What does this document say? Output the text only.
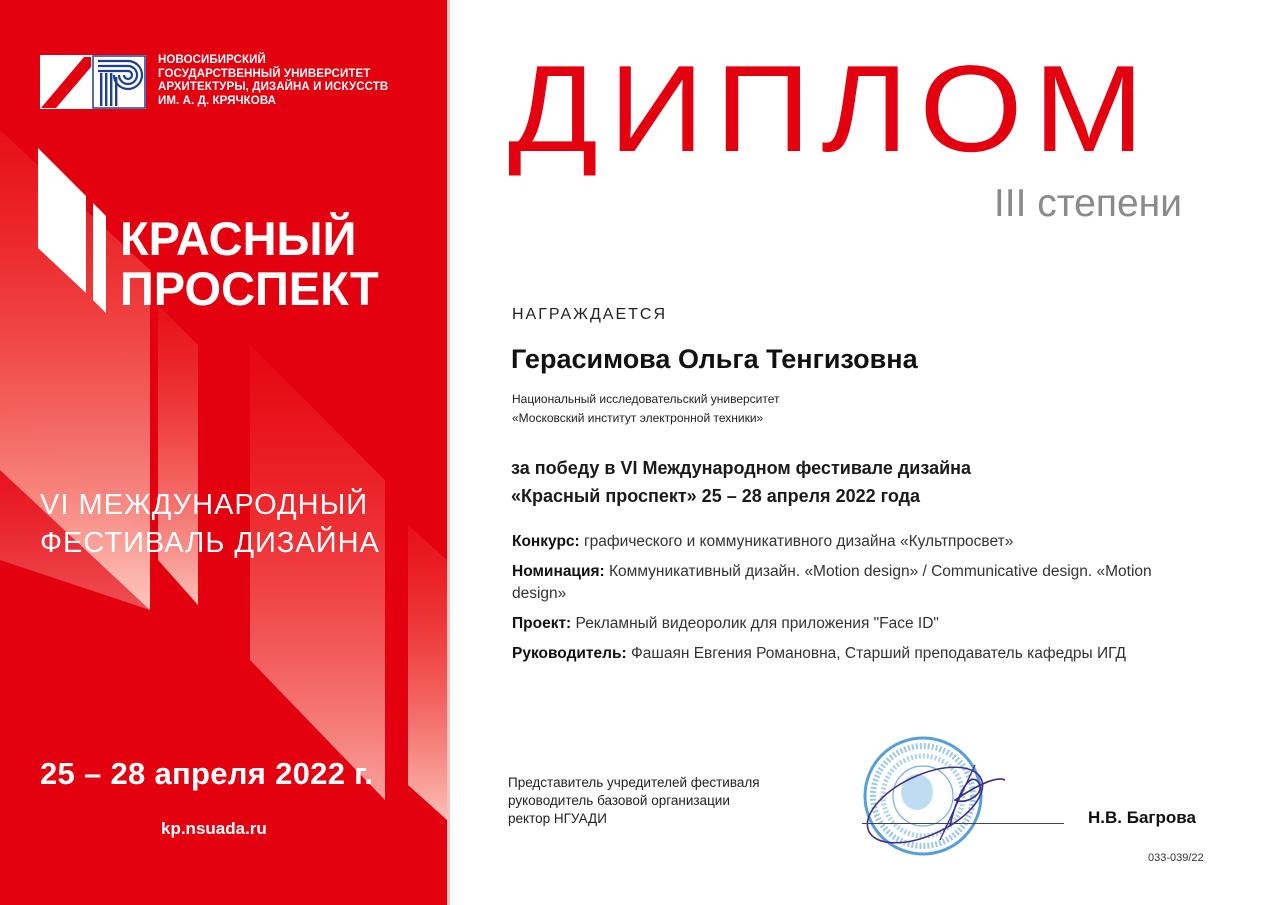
НОВОСИБИРСКИЙ
ГОСУДАРСТВЕННЫЙ УНИВЕРСИТЕТ
АРХИТЕКТУРЫ, ДИЗАЙНА И ИСКУССТВ
ИМ. А. Д. КРЯЧКОВА
КРАСНЫЙ
ПРОСПЕКТ
VI МЕЖДУНАРОДНЫЙ
ФЕСТИВАЛЬ ДИЗАЙНА
25 – 28 апреля 2022 г.
kp.nsuada.ru
ДИПЛОМ
III степени
НАГРАЖДАЕТСЯ
Герасимова Ольга Тенгизовна
Национальный исследовательский университет
«Московский институт электронной техники»
за победу в VI Международном фестивале дизайна
«Красный проспект» 25 – 28 апреля 2022 года
Конкурс: графического и коммуникативного дизайна «Культпросвет»
Номинация: Коммуникативный дизайн. «Motion design» / Communicative design. «Motion design»
Проект: Рекламный видеоролик для приложения "Face ID"
Руководитель: Фашаян Евгения Романовна, Старший преподаватель кафедры ИГД
Представитель учредителей фестиваля
руководитель базовой организации
ректор НГУАДИ	Н.В. Багрова
033-039/22
